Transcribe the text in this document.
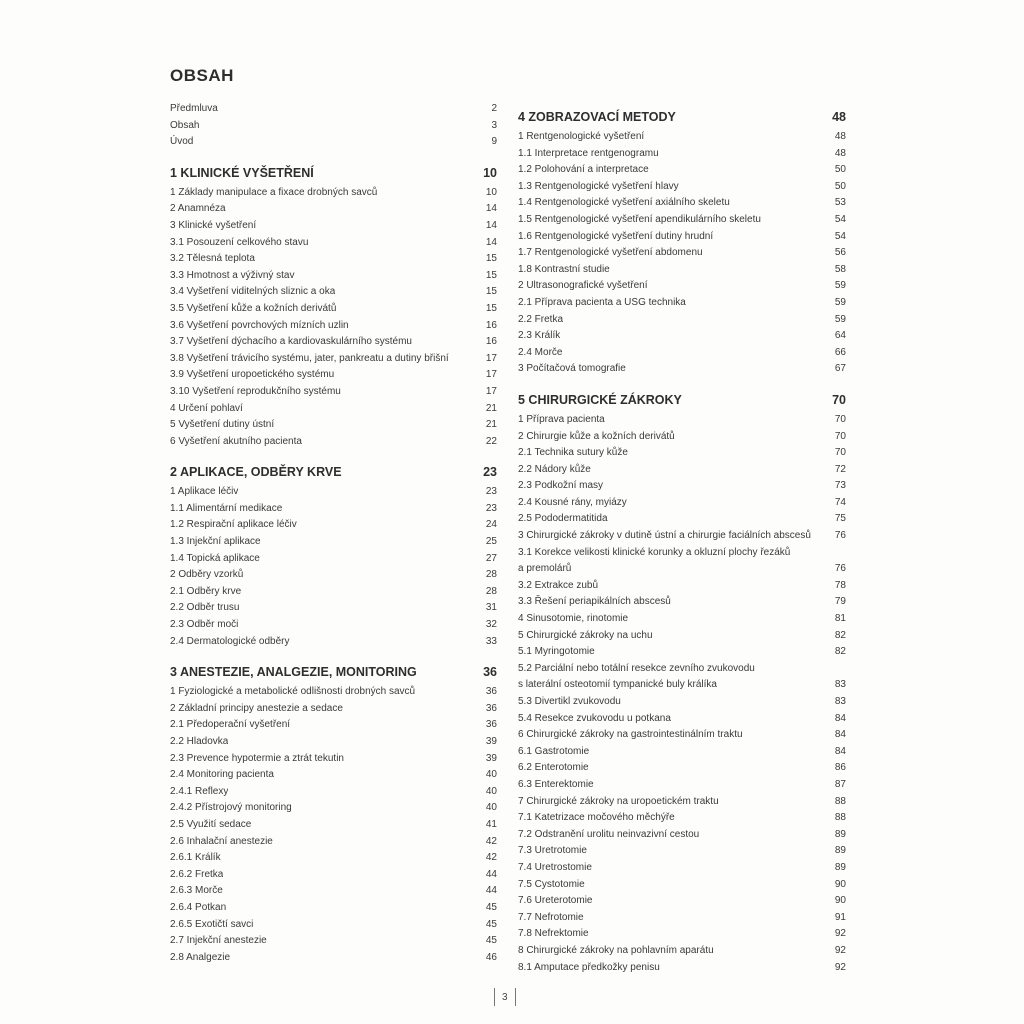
OBSAH
Předmluva	2
Obsah	3
Úvod	9
1 KLINICKÉ VYŠETŘENÍ	10
1 Základy manipulace a fixace drobných savců	10
2 Anamnéza	14
3 Klinické vyšetření	14
3.1 Posouzení celkového stavu	14
3.2 Tělesná teplota	15
3.3 Hmotnost a výživný stav	15
3.4 Vyšetření viditelných sliznic a oka	15
3.5 Vyšetření kůže a kožních derivátů	15
3.6 Vyšetření povrchových mízních uzlin	16
3.7 Vyšetření dýchacího a kardiovaskulárního systému	16
3.8 Vyšetření trávicího systému, jater, pankreatu a dutiny břišní	17
3.9 Vyšetření uropoetického systému	17
3.10 Vyšetření reprodukčního systému	17
4 Určení pohlaví	21
5 Vyšetření dutiny ústní	21
6 Vyšetření akutního pacienta	22
2 APLIKACE, ODBĚRY KRVE	23
1 Aplikace léčiv	23
1.1 Alimentární medikace	23
1.2 Respirační aplikace léčiv	24
1.3 Injekční aplikace	25
1.4 Topická aplikace	27
2 Odběry vzorků	28
2.1 Odběry krve	28
2.2 Odběr trusu	31
2.3 Odběr moči	32
2.4 Dermatologické odběry	33
3 ANESTEZIE, ANALGEZIE, MONITORING	36
1 Fyziologické a metabolické odlišnosti drobných savců	36
2 Základní principy anestezie a sedace	36
2.1 Předoperační vyšetření	36
2.2 Hladovka	39
2.3 Prevence hypotermie a ztrát tekutin	39
2.4 Monitoring pacienta	40
2.4.1 Reflexy	40
2.4.2 Přístrojový monitoring	40
2.5 Využití sedace	41
2.6 Inhalační anestezie	42
2.6.1 Králík	42
2.6.2 Fretka	44
2.6.3 Morče	44
2.6.4 Potkan	45
2.6.5 Exotičtí savci	45
2.7 Injekční anestezie	45
2.8 Analgezie	46
4 ZOBRAZOVACÍ METODY	48
1 Rentgenologické vyšetření	48
1.1 Interpretace rentgenogramu	48
1.2 Polohování a interpretace	50
1.3 Rentgenologické vyšetření hlavy	50
1.4 Rentgenologické vyšetření axiálního skeletu	53
1.5 Rentgenologické vyšetření apendikulárního skeletu	54
1.6 Rentgenologické vyšetření dutiny hrudní	54
1.7 Rentgenologické vyšetření abdomenu	56
1.8 Kontrastní studie	58
2 Ultrasonografické vyšetření	59
2.1 Příprava pacienta a USG technika	59
2.2 Fretka	59
2.3 Králík	64
2.4 Morče	66
3 Počítačová tomografie	67
5 CHIRURGICKÉ ZÁKROKY	70
1 Příprava pacienta	70
2 Chirurgie kůže a kožních derivátů	70
2.1 Technika sutury kůže	70
2.2 Nádory kůže	72
2.3 Podkožní masy	73
2.4 Kousné rány, myiázy	74
2.5 Pododermatitida	75
3 Chirurgické zákroky v dutině ústní a chirurgie faciálních abscesů 76
3.1 Korekce velikosti klinické korunky a okluzní plochy řezáků
a premolárů	76
3.2 Extrakce zubů	78
3.3 Řešení periapikálních abscesů	79
4 Sinusotomie, rinotomie	81
5 Chirurgické zákroky na uchu	82
5.1 Myringotomie	82
5.2 Parciální nebo totální resekce zevního zvukovodu
s laterální osteotomií tympanické buly králíka	83
5.3 Divertikl zvukovodu	83
5.4 Resekce zvukovodu u potkana	84
6 Chirurgické zákroky na gastrointestinálním traktu	84
6.1 Gastrotomie	84
6.2 Enterotomie	86
6.3 Enterektomie	87
7 Chirurgické zákroky na uropoetickém traktu	88
7.1 Katetrizace močového měchýře	88
7.2 Odstranění urolitu neinvazivní cestou	89
7.3 Uretrotomie	89
7.4 Uretrostomie	89
7.5 Cystotomie	90
7.6 Ureterotomie	90
7.7 Nefrotomie	91
7.8 Nefrektomie	92
8 Chirurgické zákroky na pohlavním aparátu	92
8.1 Amputace předkožky penisu	92
3
